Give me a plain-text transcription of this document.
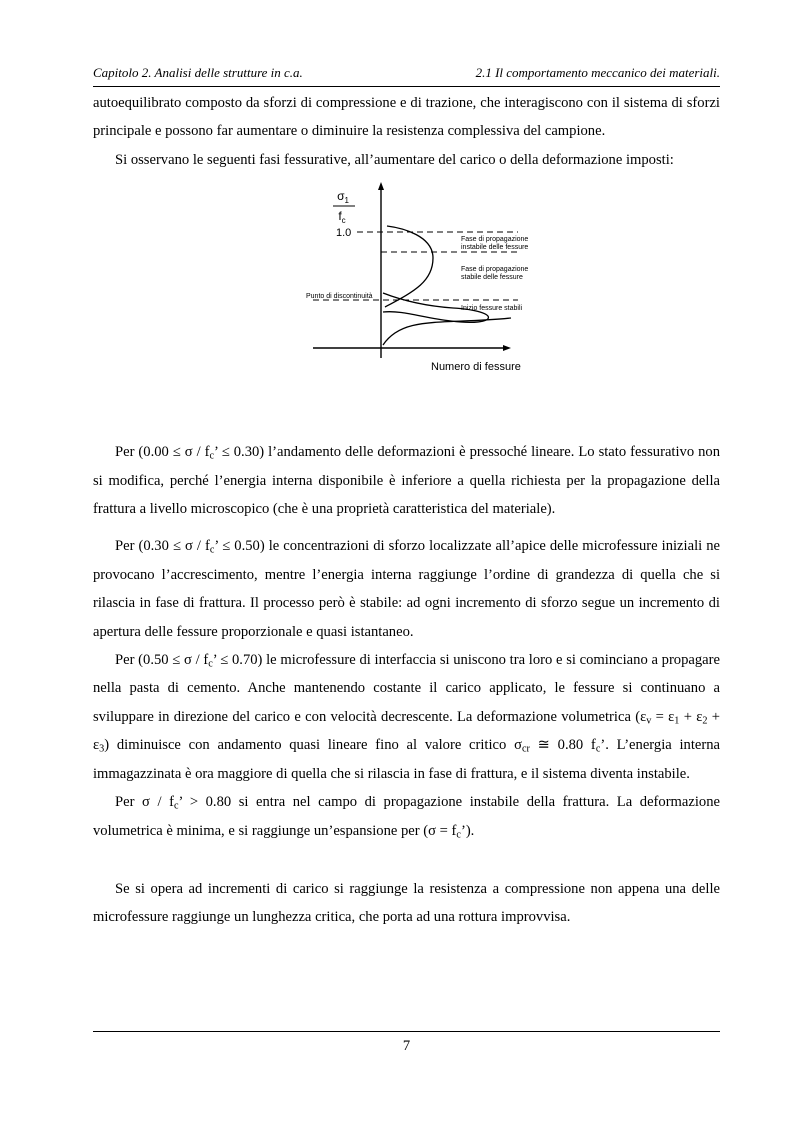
Capitolo 2. Analisi delle strutture in c.a.	2.1 Il comportamento meccanico dei materiali.

autoequilibrato composto da sforzi di compressione e di trazione, che interagiscono con il sistema di sforzi principale e possono far aumentare o diminuire la resistenza complessiva del campione.

Si osservano le seguenti fasi fessurative, all’aumentare del carico o della deformazione imposti:

$\sigma_1$
$f_c$
1.0
Fase di propagazione
instabile delle fessure
Fase di propagazione
stabile delle fessure
Punto di discontinuità
Inizio fessure stabili
Numero di fessure

Per ($0.00 \le \sigma / f_c$’ ≤ 0.30) l’andamento delle deformazioni è pressoché lineare. Lo stato fessurativo non si modifica, perché l’energia interna disponibile è inferiore a quella richiesta per la propagazione della frattura a livello microscopico (che è una proprietà caratteristica del materiale).

Per ($0.30 \le \sigma / f_c$’ ≤ 0.50) le concentrazioni di sforzo localizzate all’apice delle microfessure iniziali ne provocano l’accrescimento, mentre l’energia interna raggiunge l’ordine di grandezza di quella che si rilascia in fase di frattura. Il processo però è stabile: ad ogni incremento di sforzo segue un incremento di apertura delle fessure proporzionale e quasi istantaneo.

Per ($0.50 \le \sigma / f_c$’ ≤ 0.70) le microfessure di interfaccia si uniscono tra loro e si cominciano a propagare nella pasta di cemento. Anche mantenendo costante il carico applicato, le fessure si continuano a sviluppare in direzione del carico e con velocità decrescente. La deformazione volumetrica $(\varepsilon_v = \varepsilon_1 + \varepsilon_2 + \varepsilon_3)$ diminuisce con andamento quasi lineare fino al valore critico $\sigma_{cr}$ ≅ 0.80 $f_c$’. L’energia interna immagazzinata è ora maggiore di quella che si rilascia in fase di frattura, e il sistema diventa instabile.

Per σ / $f_c$’ > 0.80 si entra nel campo di propagazione instabile della frattura. La deformazione volumetrica è minima, e si raggiunge un’espansione per $(\sigma = f_c’)$.

Se si opera ad incrementi di carico si raggiunge la resistenza a compressione non appena una delle microfessure raggiunge un lunghezza critica, che porta ad una rottura improvvisa.

7
